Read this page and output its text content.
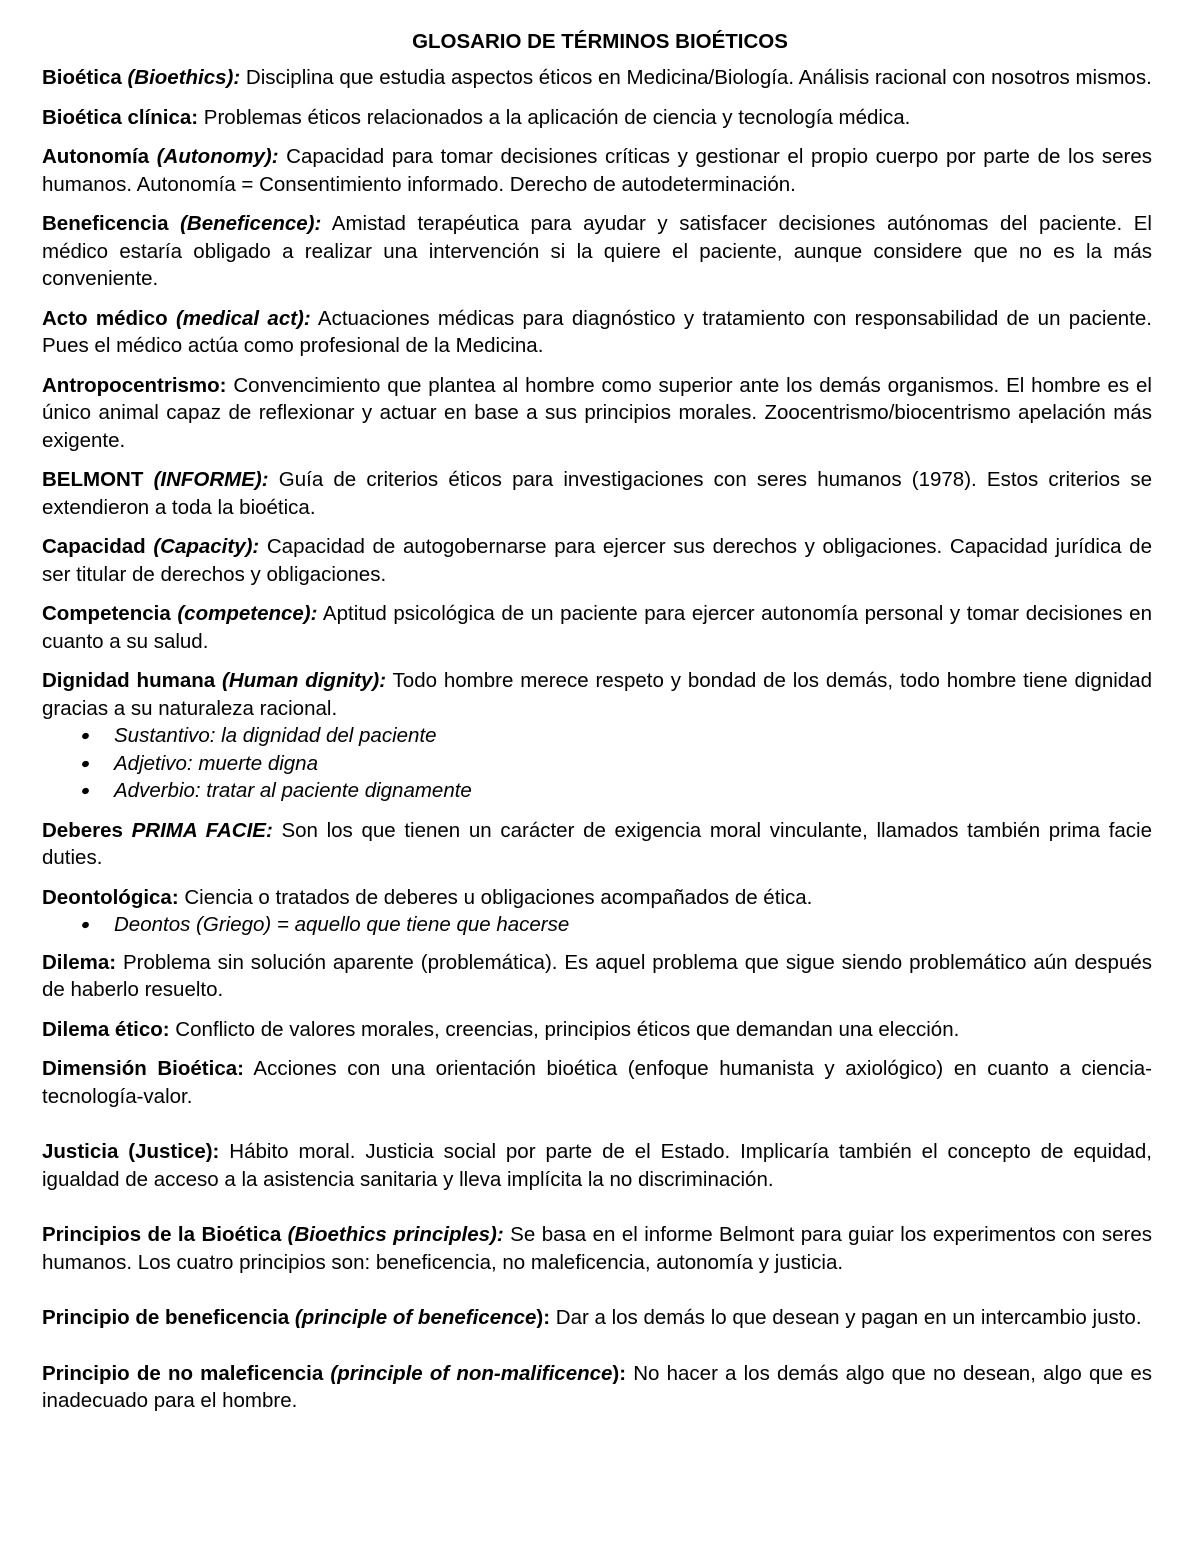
GLOSARIO DE TÉRMINOS BIOÉTICOS
Bioética (Bioethics): Disciplina que estudia aspectos éticos en Medicina/Biología. Análisis racional con nosotros mismos.
Bioética clínica: Problemas éticos relacionados a la aplicación de ciencia y tecnología médica.
Autonomía (Autonomy): Capacidad para tomar decisiones críticas y gestionar el propio cuerpo por parte de los seres humanos. Autonomía = Consentimiento informado. Derecho de autodeterminación.
Beneficencia (Beneficence): Amistad terapéutica para ayudar y satisfacer decisiones autónomas del paciente. El médico estaría obligado a realizar una intervención si la quiere el paciente, aunque considere que no es la más conveniente.
Acto médico (medical act): Actuaciones médicas para diagnóstico y tratamiento con responsabilidad de un paciente. Pues el médico actúa como profesional de la Medicina.
Antropocentrismo: Convencimiento que plantea al hombre como superior ante los demás organismos. El hombre es el único animal capaz de reflexionar y actuar en base a sus principios morales. Zoocentrismo/biocentrismo apelación más exigente.
BELMONT (INFORME): Guía de criterios éticos para investigaciones con seres humanos (1978). Estos criterios se extendieron a toda la bioética.
Capacidad (Capacity): Capacidad de autogobernarse para ejercer sus derechos y obligaciones. Capacidad jurídica de ser titular de derechos y obligaciones.
Competencia (competence): Aptitud psicológica de un paciente para ejercer autonomía personal y tomar decisiones en cuanto a su salud.
Dignidad humana (Human dignity): Todo hombre merece respeto y bondad de los demás, todo hombre tiene dignidad gracias a su naturaleza racional.
Sustantivo: la dignidad del paciente
Adjetivo: muerte digna
Adverbio: tratar al paciente dignamente
Deberes PRIMA FACIE: Son los que tienen un carácter de exigencia moral vinculante, llamados también prima facie duties.
Deontológica: Ciencia o tratados de deberes u obligaciones acompañados de ética.
Deontos (Griego) = aquello que tiene que hacerse
Dilema: Problema sin solución aparente (problemática). Es aquel problema que sigue siendo problemático aún después de haberlo resuelto.
Dilema ético: Conflicto de valores morales, creencias, principios éticos que demandan una elección.
Dimensión Bioética: Acciones con una orientación bioética (enfoque humanista y axiológico) en cuanto a ciencia-tecnología-valor.
Justicia (Justice): Hábito moral. Justicia social por parte de el Estado. Implicaría también el concepto de equidad, igualdad de acceso a la asistencia sanitaria y lleva implícita la no discriminación.
Principios de la Bioética (Bioethics principles): Se basa en el informe Belmont para guiar los experimentos con seres humanos. Los cuatro principios son: beneficencia, no maleficencia, autonomía y justicia.
Principio de beneficencia (principle of beneficence): Dar a los demás lo que desean y pagan en un intercambio justo.
Principio de no maleficencia (principle of non-malificence): No hacer a los demás algo que no desean, algo que es inadecuado para el hombre.
